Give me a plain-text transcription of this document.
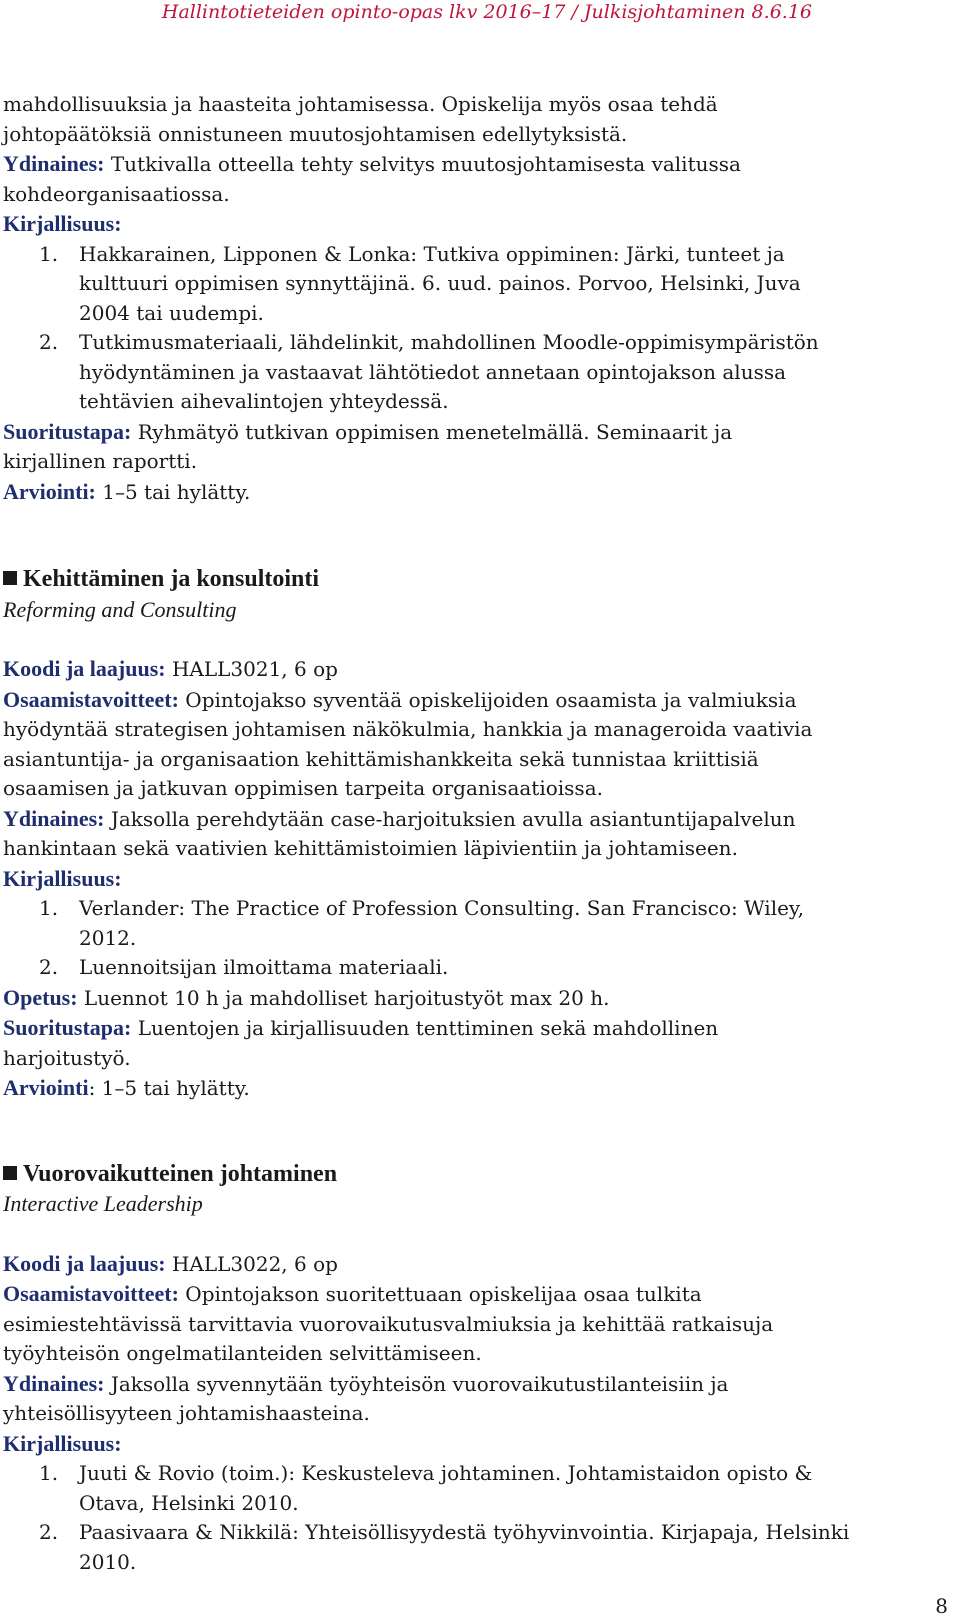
Hallintotieteiden opinto-opas lkv 2016–17 / Julkisjohtaminen 8.6.16
mahdollisuuksia ja haasteita johtamisessa. Opiskelija myös osaa tehdä
johtopäätöksiä onnistuneen muutosjohtamisen edellytyksistä.
Ydinaines: Tutkivalla otteella tehty selvitys muutosjohtamisesta valitussa
kohdeorganisaatiossa.
Kirjallisuus:
1. Hakkarainen, Lipponen & Lonka: Tutkiva oppiminen: Järki, tunteet ja
kulttuuri oppimisen synnyttäjinä. 6. uud. painos. Porvoo, Helsinki, Juva
2004 tai uudempi.
2. Tutkimusmateriaali, lähdelinkit, mahdollinen Moodle-oppimisympäristön
hyödyntäminen ja vastaavat lähtötiedot annetaan opintojakson alussa
tehtävien aihevalintojen yhteydessä.
Suoritustapa: Ryhmätyö tutkivan oppimisen menetelmällä. Seminaarit ja
kirjallinen raportti.
Arviointi: 1–5 tai hylätty.
Kehittäminen ja konsultointi
Reforming and Consulting
Koodi ja laajuus: HALL3021, 6 op
Osaamistavoitteet: Opintojakso syventää opiskelijoiden osaamista ja valmiuksia
hyödyntää strategisen johtamisen näkökulmia, hankkia ja manageroida vaativia
asiantuntija- ja organisaation kehittämishankkeita sekä tunnistaa kriittisiä
osaamisen ja jatkuvan oppimisen tarpeita organisaatioissa.
Ydinaines: Jaksolla perehdytään case-harjoituksien avulla asiantuntijapalvelun
hankintaan sekä vaativien kehittämistoimien läpivientiin ja johtamiseen.
Kirjallisuus:
1. Verlander: The Practice of Profession Consulting. San Francisco: Wiley,
2012.
2. Luennoitsijan ilmoittama materiaali.
Opetus: Luennot 10 h ja mahdolliset harjoitustyöt max 20 h.
Suoritustapa: Luentojen ja kirjallisuuden tenttiminen sekä mahdollinen
harjoitustyö.
Arviointi: 1–5 tai hylätty.
Vuorovaikutteinen johtaminen
Interactive Leadership
Koodi ja laajuus: HALL3022, 6 op
Osaamistavoitteet: Opintojakson suoritettuaan opiskelijaa osaa tulkita
esimiestehtävissä tarvittavia vuorovaikutusvalmiuksia ja kehittää ratkaisuja
työyhteisön ongelmatilanteiden selvittämiseen.
Ydinaines: Jaksolla syvennytään työyhteisön vuorovaikutustilanteisiin ja
yhteisöllisyyteen johtamishaasteina.
Kirjallisuus:
1. Juuti & Rovio (toim.): Keskusteleva johtaminen. Johtamistaidon opisto &
Otava, Helsinki 2010.
2. Paasivaara & Nikkilä: Yhteisöllisyydestä työhyvinvointia. Kirjapaja, Helsinki
2010.
8
